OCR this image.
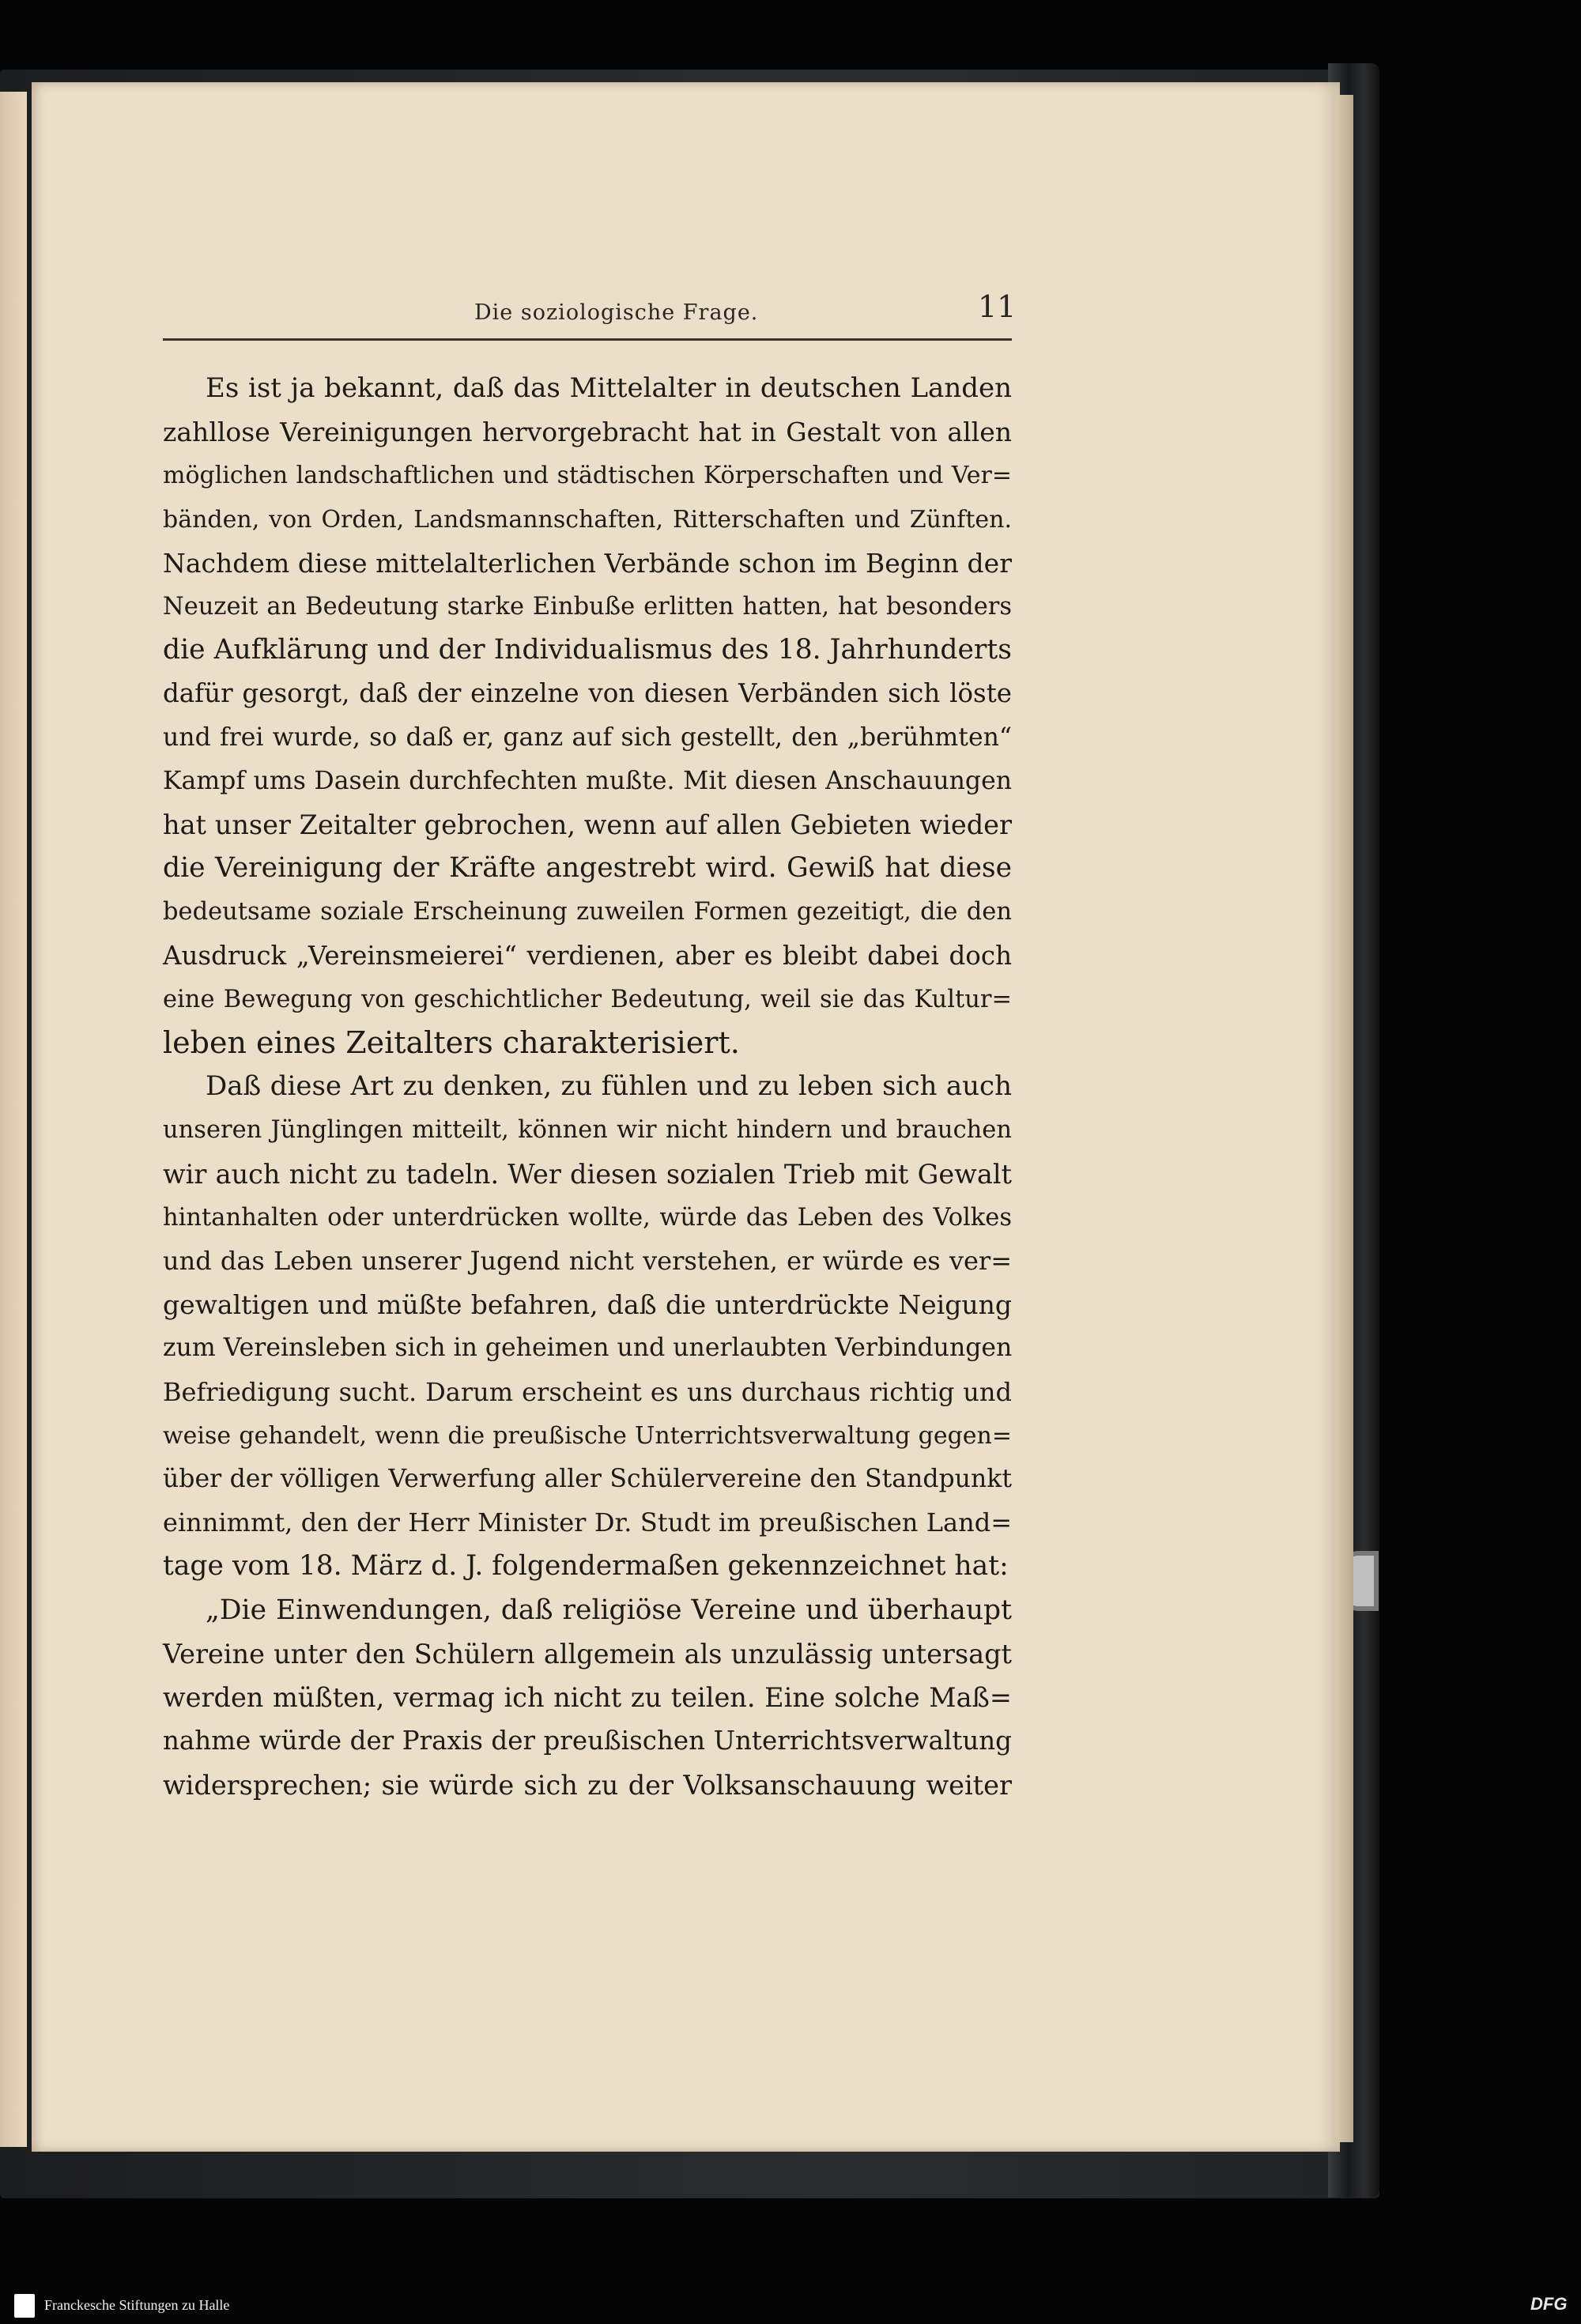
Die soziologische Frage.	11
Es ist ja bekannt, daß das Mittelalter in deutschen Landen
zahllose Vereinigungen hervorgebracht hat in Gestalt von allen
möglichen landschaftlichen und städtischen Körperschaften und Ver=
bänden, von Orden, Landsmannschaften, Ritterschaften und Zünften.
Nachdem diese mittelalterlichen Verbände schon im Beginn der
Neuzeit an Bedeutung starke Einbuße erlitten hatten, hat besonders
die Aufklärung und der Individualismus des 18. Jahrhunderts
dafür gesorgt, daß der einzelne von diesen Verbänden sich löste
und frei wurde, so daß er, ganz auf sich gestellt, den „berühmten“
Kampf ums Dasein durchfechten mußte. Mit diesen Anschauungen
hat unser Zeitalter gebrochen, wenn auf allen Gebieten wieder
die Vereinigung der Kräfte angestrebt wird. Gewiß hat diese
bedeutsame soziale Erscheinung zuweilen Formen gezeitigt, die den
Ausdruck „Vereinsmeierei“ verdienen, aber es bleibt dabei doch
eine Bewegung von geschichtlicher Bedeutung, weil sie das Kultur=
leben eines Zeitalters charakterisiert.
Daß diese Art zu denken, zu fühlen und zu leben sich auch
unseren Jünglingen mitteilt, können wir nicht hindern und brauchen
wir auch nicht zu tadeln. Wer diesen sozialen Trieb mit Gewalt
hintanhalten oder unterdrücken wollte, würde das Leben des Volkes
und das Leben unserer Jugend nicht verstehen, er würde es ver=
gewaltigen und müßte befahren, daß die unterdrückte Neigung
zum Vereinsleben sich in geheimen und unerlaubten Verbindungen
Befriedigung sucht. Darum erscheint es uns durchaus richtig und
weise gehandelt, wenn die preußische Unterrichtsverwaltung gegen=
über der völligen Verwerfung aller Schülervereine den Standpunkt
einnimmt, den der Herr Minister Dr. Studt im preußischen Land=
tage vom 18. März d. J. folgendermaßen gekennzeichnet hat:
„Die Einwendungen, daß religiöse Vereine und überhaupt
Vereine unter den Schülern allgemein als unzulässig untersagt
werden müßten, vermag ich nicht zu teilen. Eine solche Maß=
nahme würde der Praxis der preußischen Unterrichtsverwaltung
widersprechen; sie würde sich zu der Volksanschauung weiter
Franckesche Stiftungen zu Halle	DFG
